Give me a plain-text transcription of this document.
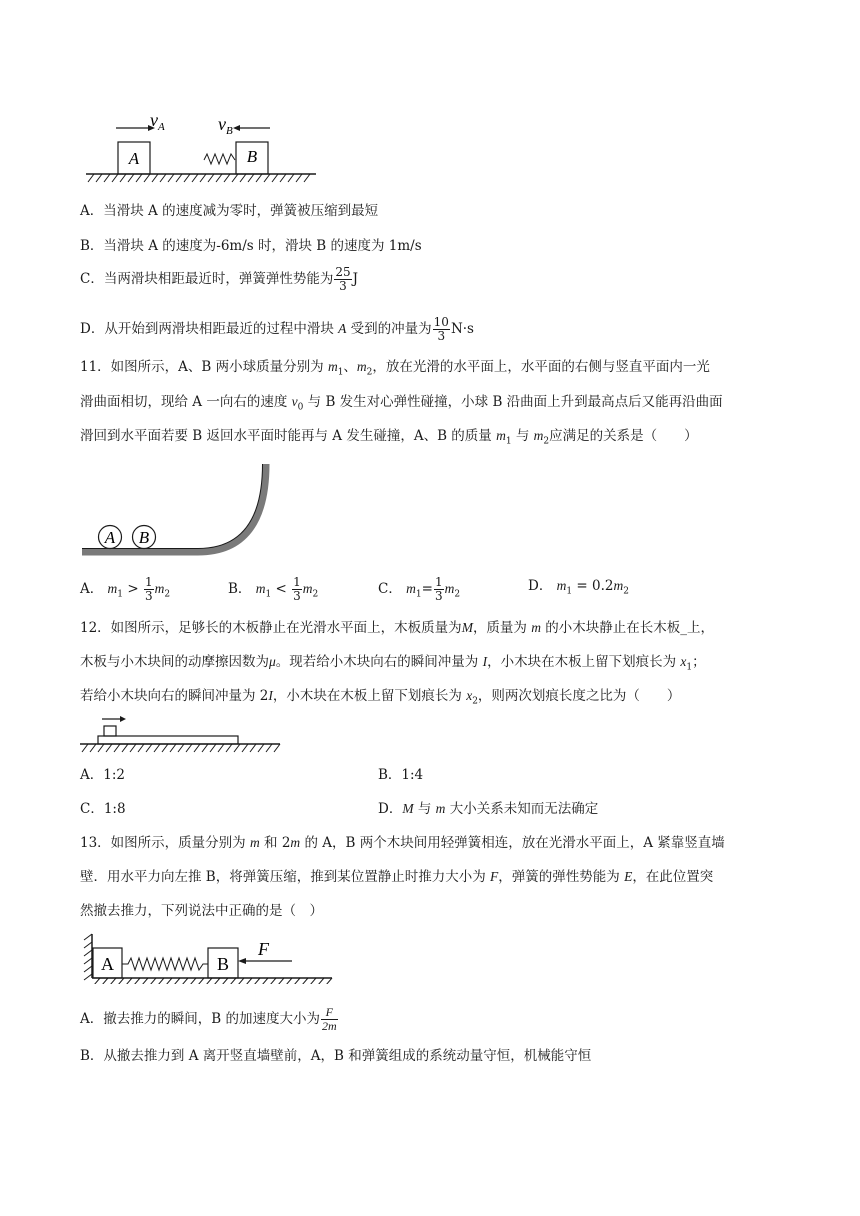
A	B
$v_A$	$v_B$
A．当滑块 A 的速度减为零时，弹簧被压缩到最短
B．当滑块 A 的速度为-6m/s 时，滑块 B 的速度为 1m/s
C．当两滑块相距最近时，弹簧弹性势能为 $\frac{25}{3}$ J
D．从开始到两滑块相距最近的过程中滑块 A 受到的冲量为 $\frac{10}{3} N\cdot s$
11．如图所示，A、B 两小球质量分别为 $m_1$、$m_2$，放在光滑的水平面上，水平面的右侧与竖直平面内一光
滑曲面相切，现给 A 一向右的速度 $v_0$ 与 B 发生对心弹性碰撞，小球 B 沿曲面上升到最高点后又能再沿曲面
滑回到水平面若要 B 返回水平面时能再与 A 发生碰撞，A、B 的质量 $m_1$ 与 $m_2$应满足的关系是（　　）
A B
A． $m_1 > \frac{1}{3} m_2$	B． $m_1 < \frac{1}{3} m_2$	C． $m_1= \frac{1}{3} m_2$
D． $m_1 = 0.2m_2$
12．如图所示，足够长的木板静止在光滑水平面上，木板质量为M，质量为 m 的小木块静止在长木板_上，
木板与小木块间的动摩擦因数为μ。现若给小木块向右的瞬间冲量为 I，小木块在木板上留下划痕长为 $x_1$；
若给小木块向右的瞬间冲量为 2I，小木块在木板上留下划痕长为 $x_2$，则两次划痕长度之比为（　　）
A．1:2	B．1:4
C．1:8	D．M 与 m 大小关系未知而无法确定
13．如图所示，质量分别为 m 和 2m 的 A，B 两个木块间用轻弹簧相连，放在光滑水平面上，A 紧靠竖直墙
壁．用水平力向左推 B，将弹簧压缩，推到某位置静止时推力大小为 F，弹簧的弹性势能为 E，在此位置突
然撤去推力，下列说法中正确的是（　）
A	B
F
A．撤去推力的瞬间，B 的加速度大小为 $\frac{F}{2m}$
B．从撤去推力到 A 离开竖直墙壁前，A，B 和弹簧组成的系统动量守恒，机械能守恒
